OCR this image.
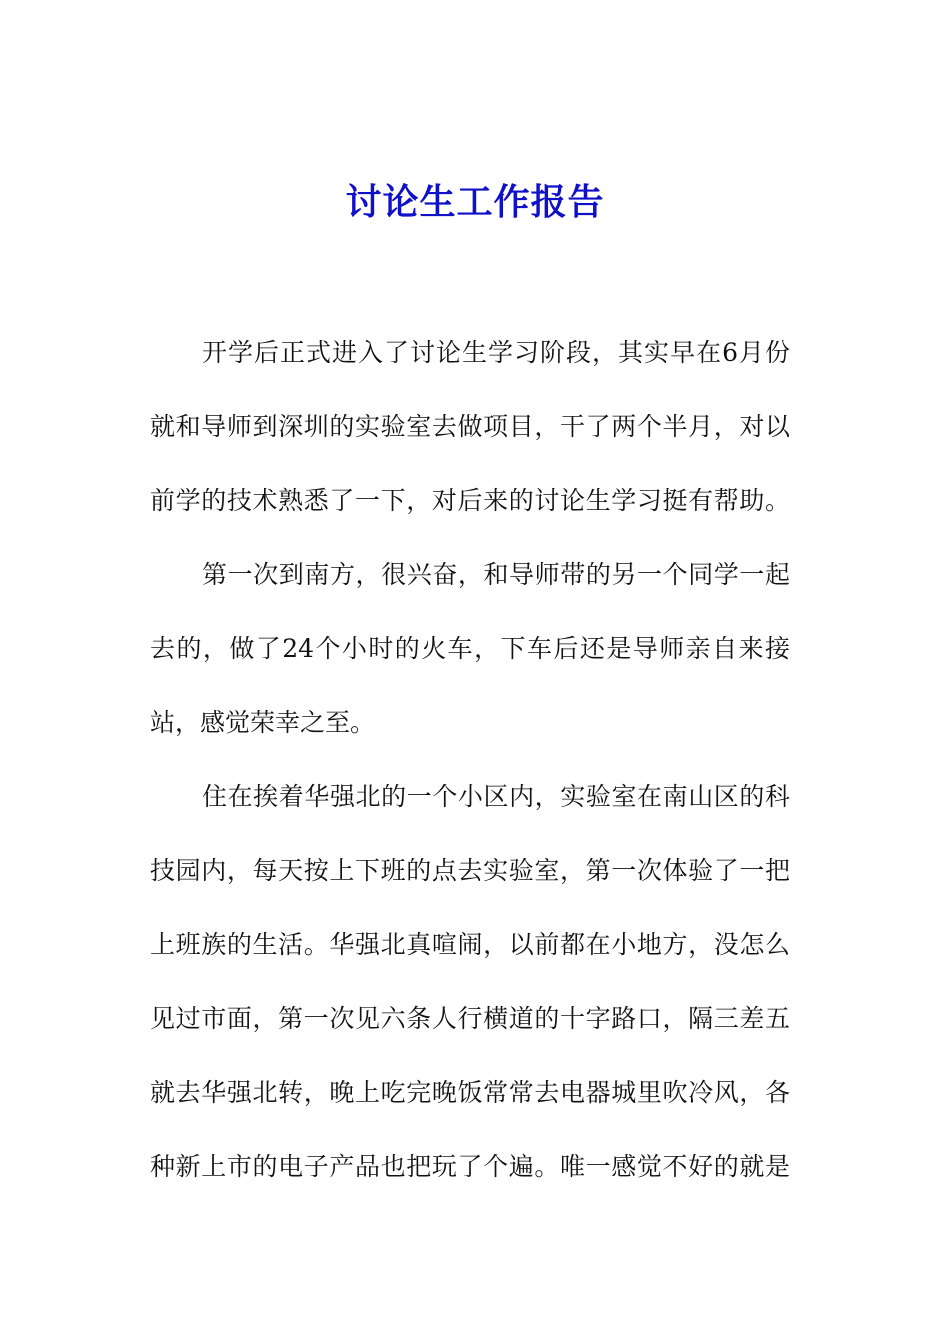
讨论生工作报告

开学后正式进入了讨论生学习阶段，其实早在6月份

就和导师到深圳的实验室去做项目，干了两个半月，对以

前学的技术熟悉了一下，对后来的讨论生学习挺有帮助。

第一次到南方，很兴奋，和导师带的另一个同学一起

去的，做了24个小时的火车，下车后还是导师亲自来接

站，感觉荣幸之至。

住在挨着华强北的一个小区内，实验室在南山区的科

技园内，每天按上下班的点去实验室，第一次体验了一把

上班族的生活。华强北真喧闹，以前都在小地方，没怎么

见过市面，第一次见六条人行横道的十字路口，隔三差五

就去华强北转，晚上吃完晚饭常常去电器城里吹冷风，各

种新上市的电子产品也把玩了个遍。唯一感觉不好的就是
